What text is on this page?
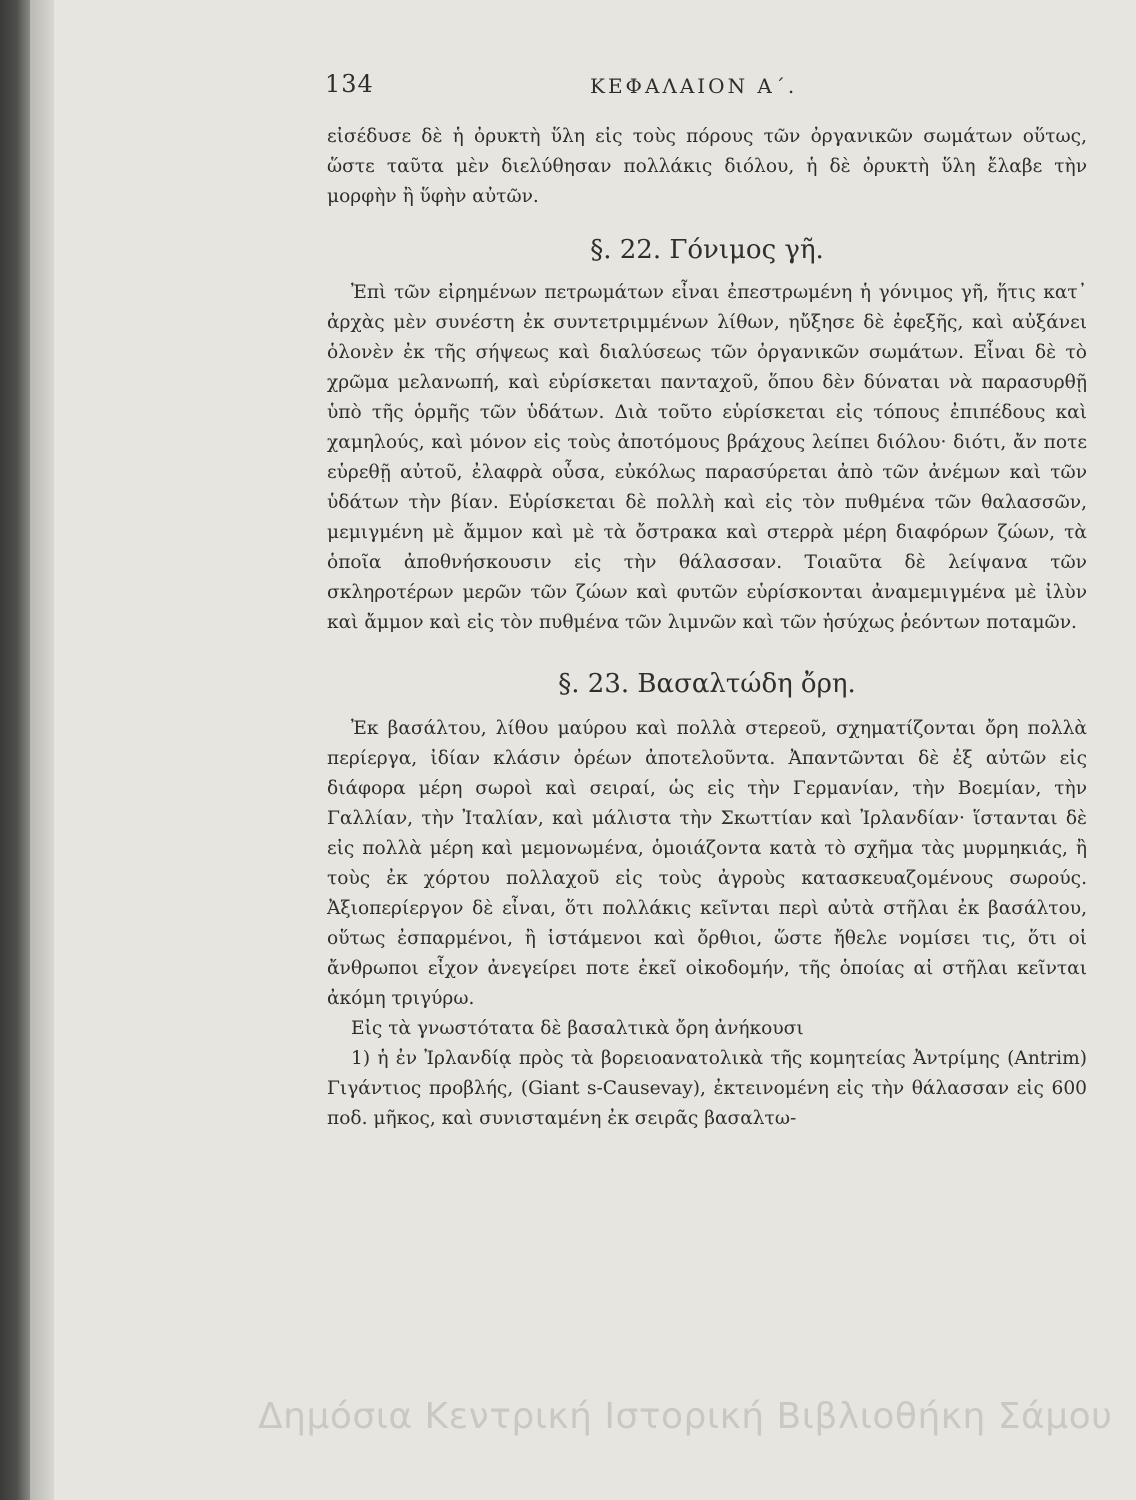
134	ΚΕΦΑΛΑΙΟΝ Α΄.

εἰσέδυσε δὲ ἡ ὀρυκτὴ ὕλη εἰς τοὺς πόρους τῶν ὀργανικῶν σωμάτων οὕτως, ὥστε ταῦτα μὲν διελύθησαν πολλάκις διόλου, ἡ δὲ ὀρυκτὴ ὕλη ἔλαβε τὴν μορφὴν ἢ ὕφὴν αὐτῶν.

§. 22. Γόνιμος γῆ.

Ἐπὶ τῶν εἰρημένων πετρωμάτων εἶναι ἐπεστρωμένη ἡ γόνιμος γῆ, ἥτις κατ᾽ ἀρχὰς μὲν συνέστη ἐκ συντετριμμένων λίθων, ηὔξησε δὲ ἐφεξῆς, καὶ αὐξάνει ὁλονὲν ἐκ τῆς σήψεως καὶ διαλύσεως τῶν ὀργανικῶν σωμάτων. Εἶναι δὲ τὸ χρῶμα μελανωπή, καὶ εὑρίσκεται πανταχοῦ, ὅπου δὲν δύναται νὰ παρασυρθῇ ὑπὸ τῆς ὁρμῆς τῶν ὑδάτων. Διὰ τοῦτο εὑρίσκεται εἰς τόπους ἐπιπέδους καὶ χαμηλούς, καὶ μόνον εἰς τοὺς ἀποτόμους βράχους λείπει διόλου· διότι, ἄν ποτε εὑρεθῇ αὐτοῦ, ἐλαφρὰ οὖσα, εὐκόλως παρασύρεται ἀπὸ τῶν ἀνέμων καὶ τῶν ὑδάτων τὴν βίαν. Εὑρίσκεται δὲ πολλὴ καὶ εἰς τὸν πυθμένα τῶν θαλασσῶν, μεμιγμένη μὲ ἄμμον καὶ μὲ τὰ ὄστρακα καὶ στερρὰ μέρη διαφόρων ζώων, τὰ ὁποῖα ἀποθνήσκουσιν εἰς τὴν θάλασσαν. Τοιαῦτα δὲ λείψανα τῶν σκληροτέρων μερῶν τῶν ζώων καὶ φυτῶν εὑρίσκονται ἀναμεμιγμένα μὲ ἰλὺν καὶ ἄμμον καὶ εἰς τὸν πυθμένα τῶν λιμνῶν καὶ τῶν ἡσύχως ῥεόντων ποταμῶν.

§. 23. Βασαλτώδη ὄρη.

Ἐκ βασάλτου, λίθου μαύρου καὶ πολλὰ στερεοῦ, σχηματίζονται ὄρη πολλὰ περίεργα, ἰδίαν κλάσιν ὀρέων ἀποτελοῦντα. Ἀπαντῶνται δὲ ἐξ αὐτῶν εἰς διάφορα μέρη σωροὶ καὶ σειραί, ὡς εἰς τὴν Γερμανίαν, τὴν Βοεμίαν, τὴν Γαλλίαν, τὴν Ἰταλίαν, καὶ μάλιστα τὴν Σκωττίαν καὶ Ἰρλανδίαν· ἵστανται δὲ εἰς πολλὰ μέρη καὶ μεμονωμένα, ὁμοιάζοντα κατὰ τὸ σχῆμα τὰς μυρμηκιάς, ἢ τοὺς ἐκ χόρτου πολλαχοῦ εἰς τοὺς ἀγροὺς κατασκευαζομένους σωρούς. Ἀξιοπερίεργον δὲ εἶναι, ὅτι πολλάκις κεῖνται περὶ αὐτὰ στῆλαι ἐκ βασάλτου, οὕτως ἐσπαρμένοι, ἢ ἱστάμενοι καὶ ὄρθιοι, ὥστε ἤθελε νομίσει τις, ὅτι οἱ ἄνθρωποι εἶχον ἀνεγείρει ποτε ἐκεῖ οἰκοδομήν, τῆς ὁποίας αἱ στῆλαι κεῖνται ἀκόμη τριγύρω.

Εἰς τὰ γνωστότατα δὲ βασαλτικὰ ὄρη ἀνήκουσι

1) ἡ ἐν Ἰρλανδίᾳ πρὸς τὰ βορειοανατολικὰ τῆς κομητείας Ἀντρίμης (Antrim) Γιγάντιος προβλής, (Giant s-Causevay), ἐκτεινομένη εἰς τὴν θάλασσαν εἰς 600 ποδ. μῆκος, καὶ συνισταμένη ἐκ σειρᾶς βασαλτω-

Δημόσια Κεντρική Ιστορική Βιβλιοθήκη Σάμου
